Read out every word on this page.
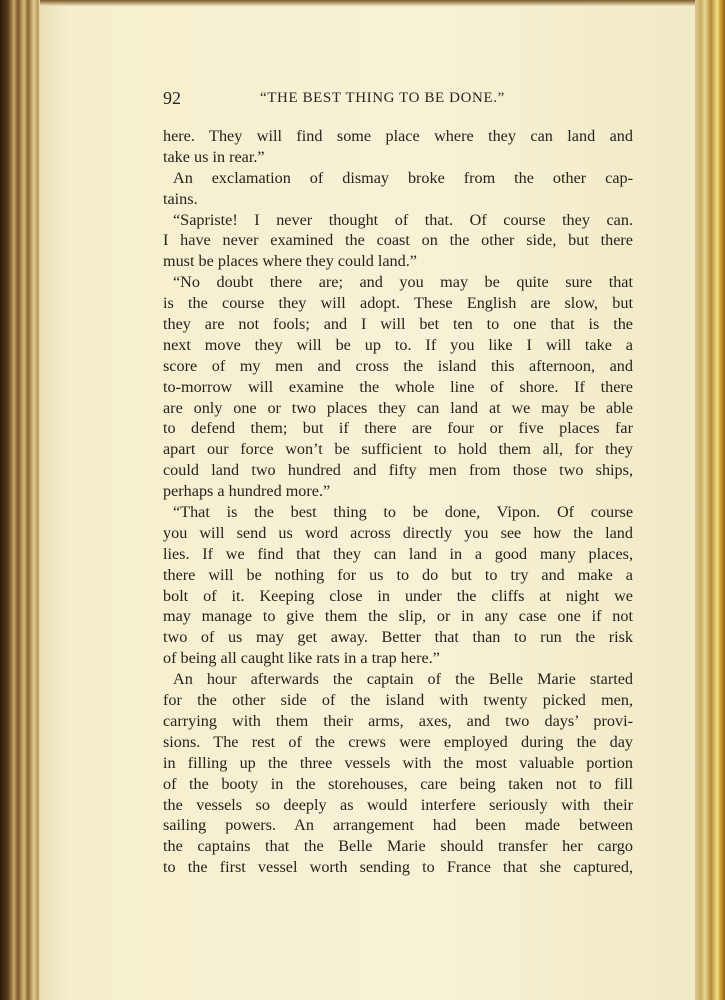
92	“THE BEST THING TO BE DONE.”
here. They will find some place where they can land and
take us in rear.”
An exclamation of dismay broke from the other cap-
tains.
“Sapriste! I never thought of that. Of course they can.
I have never examined the coast on the other side, but there
must be places where they could land.”
“No doubt there are; and you may be quite sure that
is the course they will adopt. These English are slow, but
they are not fools; and I will bet ten to one that is the
next move they will be up to. If you like I will take a
score of my men and cross the island this afternoon, and
to-morrow will examine the whole line of shore. If there
are only one or two places they can land at we may be able
to defend them; but if there are four or five places far
apart our force won’t be sufficient to hold them all, for they
could land two hundred and fifty men from those two ships,
perhaps a hundred more.”
“That is the best thing to be done, Vipon. Of course
you will send us word across directly you see how the land
lies. If we find that they can land in a good many places,
there will be nothing for us to do but to try and make a
bolt of it. Keeping close in under the cliffs at night we
may manage to give them the slip, or in any case one if not
two of us may get away. Better that than to run the risk
of being all caught like rats in a trap here.”
An hour afterwards the captain of the Belle Marie started
for the other side of the island with twenty picked men,
carrying with them their arms, axes, and two days’ provi-
sions. The rest of the crews were employed during the day
in filling up the three vessels with the most valuable portion
of the booty in the storehouses, care being taken not to fill
the vessels so deeply as would interfere seriously with their
sailing powers. An arrangement had been made between
the captains that the Belle Marie should transfer her cargo
to the first vessel worth sending to France that she captured,
